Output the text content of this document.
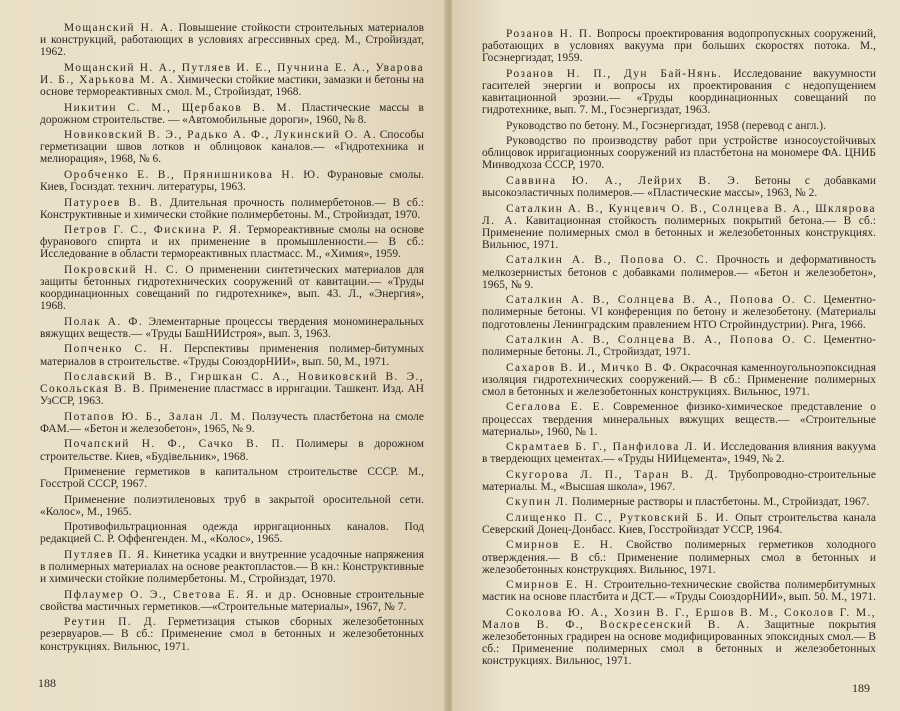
Мощанский Н. А. Повышение стойкости строительных материалов и конструкций, работающих в условиях агрессивных сред. М., Стройиздат, 1962.

Мощанский Н. А., Путляев И. Е., Пучнина Е. А., Уварова И. Б., Харькова М. А. Химически стойкие мастики, замазки и бетоны на основе термореактивных смол. М., Стройиздат, 1968.

Никитин С. М., Щербаков В. М. Пластические массы в дорожном строительстве. — «Автомобильные дороги», 1960, № 8.

Новиковский В. Э., Радько А. Ф., Лукинский О. А. Способы герметизации швов лотков и облицовок каналов.— «Гидротехника и мелиорация», 1968, № 6.

Оробченко Е. В., Прянишникова Н. Ю. Фурановые смолы. Киев, Госиздат. технич. литературы, 1963.

Патуроев В. В. Длительная прочность полимербетонов.— В сб.: Конструктивные и химически стойкие полимербетоны. М., Стройиздат, 1970.

Петров Г. С., Фискина Р. Я. Термореактивные смолы на основе фуранового спирта и их применение в промышленности.— В сб.: Исследование в области термореактивных пластмасс. М., «Химия», 1959.

Покровский Н. С. О применении синтетических материалов для защиты бетонных гидротехнических сооружений от кавитации.— «Труды координационных совещаний по гидротехнике», вып. 43. Л., «Энергия», 1968.

Полак А. Ф. Элементарные процессы твердения мономинеральных вяжущих веществ.— «Труды БашНИИстроя», вып. 3, 1963.

Попченко С. Н. Перспективы применения полимер-битумных материалов в строительстве. «Труды СоюздорНИИ», вып. 50, М., 1971.

Пославский В. В., Гиршкан С. А., Новиковский В. Э., Сокольская В. В. Применение пластмасс в ирригации. Ташкент. Изд. АН УзССР, 1963.

Потапов Ю. Б., Залан Л. М. Ползучесть пластбетона на смоле ФАМ.— «Бетон и железобетон», 1965, № 9.

Почапский Н. Ф., Сачко В. П. Полимеры в дорожном строительстве. Киев, «Будiвельник», 1968.

Применение герметиков в капитальном строительстве СССР. М., Госстрой СССР, 1967.

Применение полиэтиленовых труб в закрытой оросительной сети. «Колос», М., 1965.

Противофильтрационная одежда ирригационных каналов. Под редакцией С. Р. Оффенгенден. М., «Колос», 1965.

Путляев П. Я. Кинетика усадки и внутренние усадочные напряжения в полимерных материалах на основе реактопластов.— В кн.: Конструктивные и химически стойкие полимербетоны. М., Стройиздат, 1970.

Пфлаумер О. Э., Светова Е. Я. и др. Основные строительные свойства мастичных герметиков.—«Строительные материалы», 1967, № 7.

Реутин П. Д. Герметизация стыков сборных железобетонных резервуаров.— В сб.: Применение смол в бетонных и железобетонных конструкциях. Вильнюс, 1971.

188

Розанов Н. П. Вопросы проектирования водопропускных сооружений, работающих в условиях вакуума при больших скоростях потока. М., Госэнергиздат, 1959.

Розанов Н. П., Дун Бай-Нянь. Исследование вакуумности гасителей энергии и вопросы их проектирования с недопущением кавитационной эрозии.— «Труды координационных совещаний по гидротехнике, вып. 7. М., Госэнергиздат, 1963.

Руководство по бетону. М., Госэнергиздат, 1958 (перевод с англ.).

Руководство по производству работ при устройстве износоустойчивых облицовок ирригационных сооружений из пластбетона на мономере ФА. ЦНИБ Минводхоза СССР, 1970.

Саввина Ю. А., Лейрих В. Э. Бетоны с добавками высокоэластичных полимеров.— «Пластические массы», 1963, № 2.

Саталкин А. В., Кунцевич О. В., Солнцева В. А., Шклярова Л. А. Кавитационная стойкость полимерных покрытий бетона.— В сб.: Применение полимерных смол в бетонных и железобетонных конструкциях. Вильнюс, 1971.

Саталкин А. В., Попова О. С. Прочность и деформативность мелкозернистых бетонов с добавками полимеров.— «Бетон и железобетон», 1965, № 9.

Саталкин А. В., Солнцева В. А., Попова О. С. Цементно-полимерные бетоны. VI конференция по бетону и железобетону. (Материалы подготовлены Ленинградским правлением НТО Стройиндустрии). Рига, 1966.

Саталкин А. В., Солнцева В. А., Попова О. С. Цементно-полимерные бетоны. Л., Стройиздат, 1971.

Сахаров В. И., Мичко В. Ф. Окрасочная каменноугольноэпоксидная изоляция гидротехнических сооружений.— В сб.: Применение полимерных смол в бетонных и железобетонных конструкциях. Вильнюс, 1971.

Сегалова Е. Е. Современное физико-химическое представление о процессах твердения минеральных вяжущих веществ.— «Строительные материалы», 1960, № 1.

Скрамтаев Б. Г., Панфилова Л. И. Исследования влияния вакуума в твердеющих цементах.— «Труды НИИцемента», 1949, № 2.

Скугорова Л. П., Таран В. Д. Трубопроводно-строительные материалы. М., «Высшая школа», 1967.

Скупин Л. Полимерные растворы и пластбетоны. М., Стройиздат, 1967.

Слищенко П. С., Рутковский Б. И. Опыт строительства канала Северский Донец-Донбасс. Киев, Госстройиздат УССР, 1964.

Смирнов Е. Н. Свойство полимерных герметиков холодного отверждения.— В сб.: Применение полимерных смол в бетонных и железобетонных конструкциях. Вильнюс, 1971.

Смирнов Е. Н. Строительно-технические свойства полимербитумных мастик на основе пластбита и ДСТ.— «Труды СоюздорНИИ», вып. 50. М., 1971.

Соколова Ю. А., Хозин В. Г., Ершов В. М., Соколов Г. М., Малов В. Ф., Воскресенский В. А. Защитные покрытия железобетонных градирен на основе модифицированных эпоксидных смол.— В сб.: Применение полимерных смол в бетонных и железобетонных конструкциях. Вильнюс, 1971.

189
